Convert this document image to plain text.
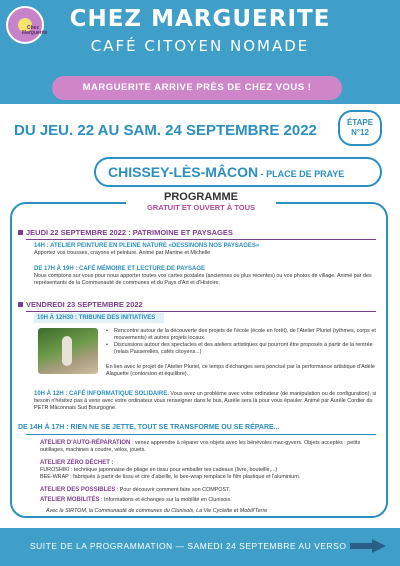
Chez Marguerite
CHEZ MARGUERITE
CAFÉ CITOYEN NOMADE
MARGUERITE ARRIVE PRÈS DE CHEZ VOUS !
DU JEU. 22 AU SAM. 24 SEPTEMBRE 2022	ÉTAPE
N°12
CHISSEY-LÈS-MÂCON - PLACE DE PRAYE
PROGRAMME
GRATUIT ET OUVERT À TOUS
JEUDI 22 SEPTEMBRE 2022 : PATRIMOINE ET PAYSAGES
14H : ATELIER PEINTURE EN PLEINE NATURE «DESSINONS NOS PAYSAGES»
Apportez vos trousses, crayons et peinture. Animé par Martine et Michelle
DE 17H À 19H : CAFÉ MÉMOIRE ET LECTURE DE PAYSAGE
Nous comptons sur vous pour nous apporter toutes vos cartes postales (anciennes ou plus récentes) ou vos photos de village. Animé par des représentants de la Communauté de communes et du Pays d'Art et d'Histoire.
VENDREDI 23 SEPTEMBRE 2022
10H À 12H30 : TRIBUNE DES INITIATIVES
• Rencontre autour de la découverte des projets de l'école (école en forêt), de l'Atelier Pluriel (rythmes, corps et mouvements) et autres projets locaux.
• Discussions autour des spectacles et des ateliers artistiques qui pourront être proposés à partir de la rentrée (relais Passerelles, cafés citoyens...)
En lien avec le projet de l'Atelier Pluriel, ce temps d'échanges sera ponctué par la performance artistique d'Adèle Alaguette (contorsion et équilibre).
10H À 12H : CAFÉ INFORMATIQUE SOLIDAIRE. Vous avez un problème avec votre ordinateur (de manipulation ou de configuration), si besoin n'hésitez pas à venir avec votre ordinateur vous renseigner dans le bus, Aurèle sera là pour vous épauler. Animé par Aurèle Cordier du PETR Mâconnais Sud Bourgogne.
DE 14H À 17H : RIEN NE SE JETTE, TOUT SE TRANSFORME OU SE RÉPARE...
ATELIER D'AUTO-RÉPARATION : venez apprendre à réparer vos objets avec les bénévoles mac-gyvers. Objets acceptés : petits outillages, machines à coudre, vélos, jouets.
ATELIER ZÉRO DÉCHET :
FUROSHIKI : technique japonnaise de pliage en tissu pour emballer tes cadeaux (livre, bouteille,...)
BEE-WRAP : fabriqués à partir de tissu et cire d'abeille, le bee-wrap remplace le film plastique et l'aluminium.
ATELIER DES POSSIBLES : Pour découvrir comment faire son COMPOST.
ATELIER MOBILITÉS : Informations et échanges sur la mobilité en Clunisois.
Avec le SIRTOM, la Communauté de communes du Clunisois, La Vie Cyclette et Mobili'Terre
SUITE DE LA PROGRAMMATION — SAMEDI 24 SEPTEMBRE AU VERSO
